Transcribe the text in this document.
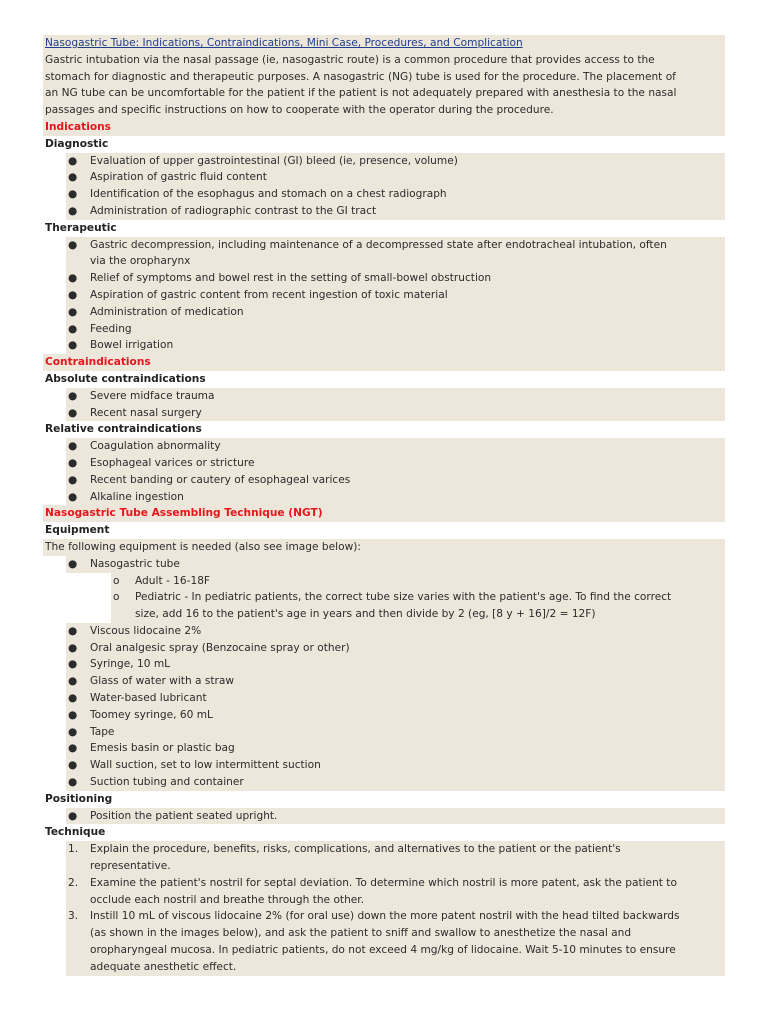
Nasogastric Tube: Indications, Contraindications, Mini Case, Procedures, and Complication
Gastric intubation via the nasal passage (ie, nasogastric route) is a common procedure that provides access to the
stomach for diagnostic and therapeutic purposes. A nasogastric (NG) tube is used for the procedure. The placement of
an NG tube can be uncomfortable for the patient if the patient is not adequately prepared with anesthesia to the nasal
passages and specific instructions on how to cooperate with the operator during the procedure.
Indications
Diagnostic
● Evaluation of upper gastrointestinal (GI) bleed (ie, presence, volume)
● Aspiration of gastric fluid content
● Identification of the esophagus and stomach on a chest radiograph
● Administration of radiographic contrast to the GI tract
Therapeutic
● Gastric decompression, including maintenance of a decompressed state after endotracheal intubation, often
via the oropharynx
● Relief of symptoms and bowel rest in the setting of small-bowel obstruction
● Aspiration of gastric content from recent ingestion of toxic material
● Administration of medication
● Feeding
● Bowel irrigation
Contraindications
Absolute contraindications
● Severe midface trauma
● Recent nasal surgery
Relative contraindications
● Coagulation abnormality
● Esophageal varices or stricture
● Recent banding or cautery of esophageal varices
● Alkaline ingestion
Nasogastric Tube Assembling Technique (NGT)
Equipment
The following equipment is needed (also see image below):
● Nasogastric tube
o Adult - 16-18F
o Pediatric - In pediatric patients, the correct tube size varies with the patient's age. To find the correct
size, add 16 to the patient's age in years and then divide by 2 (eg, [8 y + 16]/2 = 12F)
● Viscous lidocaine 2%
● Oral analgesic spray (Benzocaine spray or other)
● Syringe, 10 mL
● Glass of water with a straw
● Water-based lubricant
● Toomey syringe, 60 mL
● Tape
● Emesis basin or plastic bag
● Wall suction, set to low intermittent suction
● Suction tubing and container
Positioning
● Position the patient seated upright.
Technique
1. Explain the procedure, benefits, risks, complications, and alternatives to the patient or the patient's
representative.
2. Examine the patient's nostril for septal deviation. To determine which nostril is more patent, ask the patient to
occlude each nostril and breathe through the other.
3. Instill 10 mL of viscous lidocaine 2% (for oral use) down the more patent nostril with the head tilted backwards
(as shown in the images below), and ask the patient to sniff and swallow to anesthetize the nasal and
oropharyngeal mucosa. In pediatric patients, do not exceed 4 mg/kg of lidocaine. Wait 5-10 minutes to ensure
adequate anesthetic effect.
